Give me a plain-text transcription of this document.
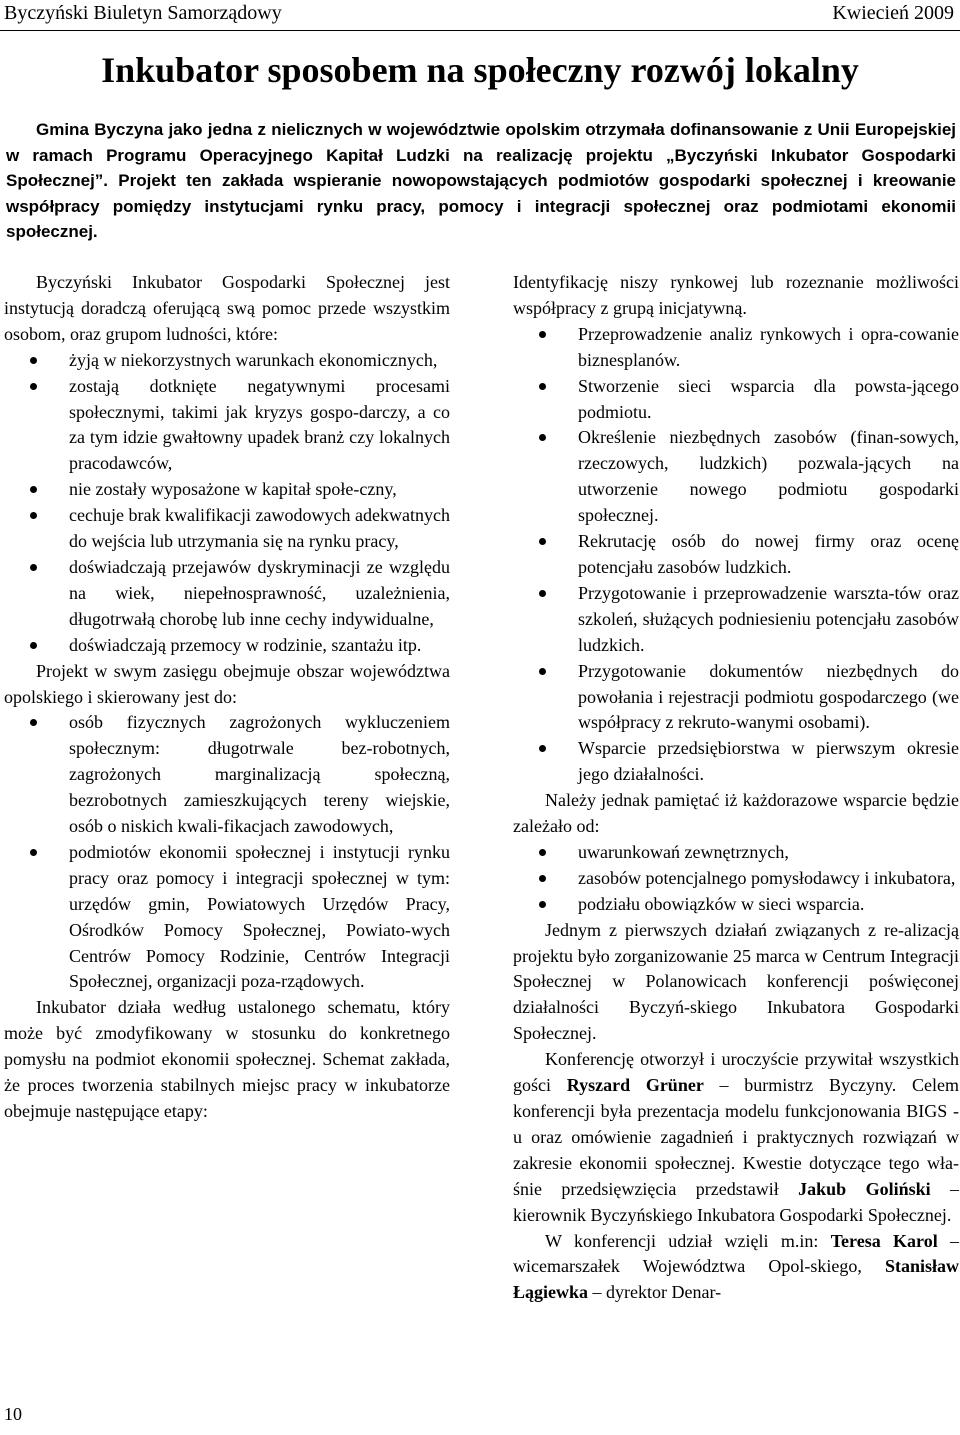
Byczyński Biuletyn Samorządowy	Kwiecień 2009
Inkubator sposobem na społeczny rozwój lokalny

Gmina Byczyna jako jedna z nielicznych w województwie opolskim otrzymała dofinansowanie z Unii Europejskiej w ramach Programu Operacyjnego Kapitał Ludzki na realizację projektu „Byczyński Inkubator Gospodarki Społecznej”. Projekt ten zakłada wspieranie nowopowstających podmiotów gospodarki społecznej i kreowanie współpracy pomiędzy instytucjami rynku pracy, pomocy i integracji społecznej oraz podmiotami ekonomii społecznej.

Byczyński Inkubator Gospodarki Społecznej jest instytucją doradczą oferującą swą pomoc przede wszystkim osobom, oraz grupom ludności, które:

żyją w niekorzystnych warunkach ekonomicznych,
zostają dotknięte negatywnymi procesami społecznymi, takimi jak kryzys gospo-darczy, a co za tym idzie gwałtowny upadek branż czy lokalnych pracodawców,
nie zostały wyposażone w kapitał społe-czny,
cechuje brak kwalifikacji zawodowych adekwatnych do wejścia lub utrzymania się na rynku pracy,
doświadczają przejawów dyskryminacji ze względu na wiek, niepełnosprawność, uzależnienia, długotrwałą chorobę lub inne cechy indywidualne,
doświadczają przemocy w rodzinie, szantażu itp.

Projekt w swym zasięgu obejmuje obszar województwa opolskiego i skierowany jest do:

osób fizycznych zagrożonych wykluczeniem społecznym: długotrwale bez-robotnych, zagrożonych marginalizacją społeczną, bezrobotnych zamieszkujących tereny wiejskie, osób o niskich kwali-fikacjach zawodowych,
podmiotów ekonomii społecznej i instytucji rynku pracy oraz pomocy i integracji społecznej w tym: urzędów gmin, Powiatowych Urzędów Pracy, Ośrodków Pomocy Społecznej, Powiato-wych Centrów Pomocy Rodzinie, Centrów Integracji Społecznej, organizacji poza-rządowych.

Inkubator działa według ustalonego schematu, który może być zmodyfikowany w stosunku do konkretnego pomysłu na podmiot ekonomii społecznej. Schemat zakłada, że proces tworzenia stabilnych miejsc pracy w inkubatorze obejmuje następujące etapy:

Identyfikację niszy rynkowej lub rozeznanie możliwości współpracy z grupą inicjatywną.

Przeprowadzenie analiz rynkowych i opra-cowanie biznesplanów.
Stworzenie sieci wsparcia dla powsta-jącego podmiotu.
Określenie niezbędnych zasobów (finan-sowych, rzeczowych, ludzkich) pozwala-jących na utworzenie nowego podmiotu gospodarki społecznej.
Rekrutację osób do nowej firmy oraz ocenę potencjału zasobów ludzkich.
Przygotowanie i przeprowadzenie warszta-tów oraz szkoleń, służących podniesieniu potencjału zasobów ludzkich.
Przygotowanie dokumentów niezbędnych do powołania i rejestracji podmiotu gospodarczego (we współpracy z rekruto-wanymi osobami).
Wsparcie przedsiębiorstwa w pierwszym okresie jego działalności.

Należy jednak pamiętać iż każdorazowe wsparcie będzie zależało od:

uwarunkowań zewnętrznych,
zasobów potencjalnego pomysłodawcy i inkubatora,
podziału obowiązków w sieci wsparcia.

Jednym z pierwszych działań związanych z re-alizacją projektu było zorganizowanie 25 marca w Centrum Integracji Społecznej w Polanowicach konferencji poświęconej działalności Byczyń-skiego Inkubatora Gospodarki Społecznej.

Konferencję otworzył i uroczyście przywitał wszystkich gości Ryszard Grüner – burmistrz Byczyny. Celem konferencji była prezentacja modelu funkcjonowania BIGS - u oraz omówienie zagadnień i praktycznych rozwiązań w zakresie ekonomii społecznej. Kwestie dotyczące tego wła-śnie przedsięwzięcia przedstawił Jakub Goliński – kierownik Byczyńskiego Inkubatora Gospodarki Społecznej.

W konferencji udział wzięli m.in: Teresa Karol – wicemarszałek Województwa Opol-skiego, Stanisław Łągiewka – dyrektor Denar-

10
